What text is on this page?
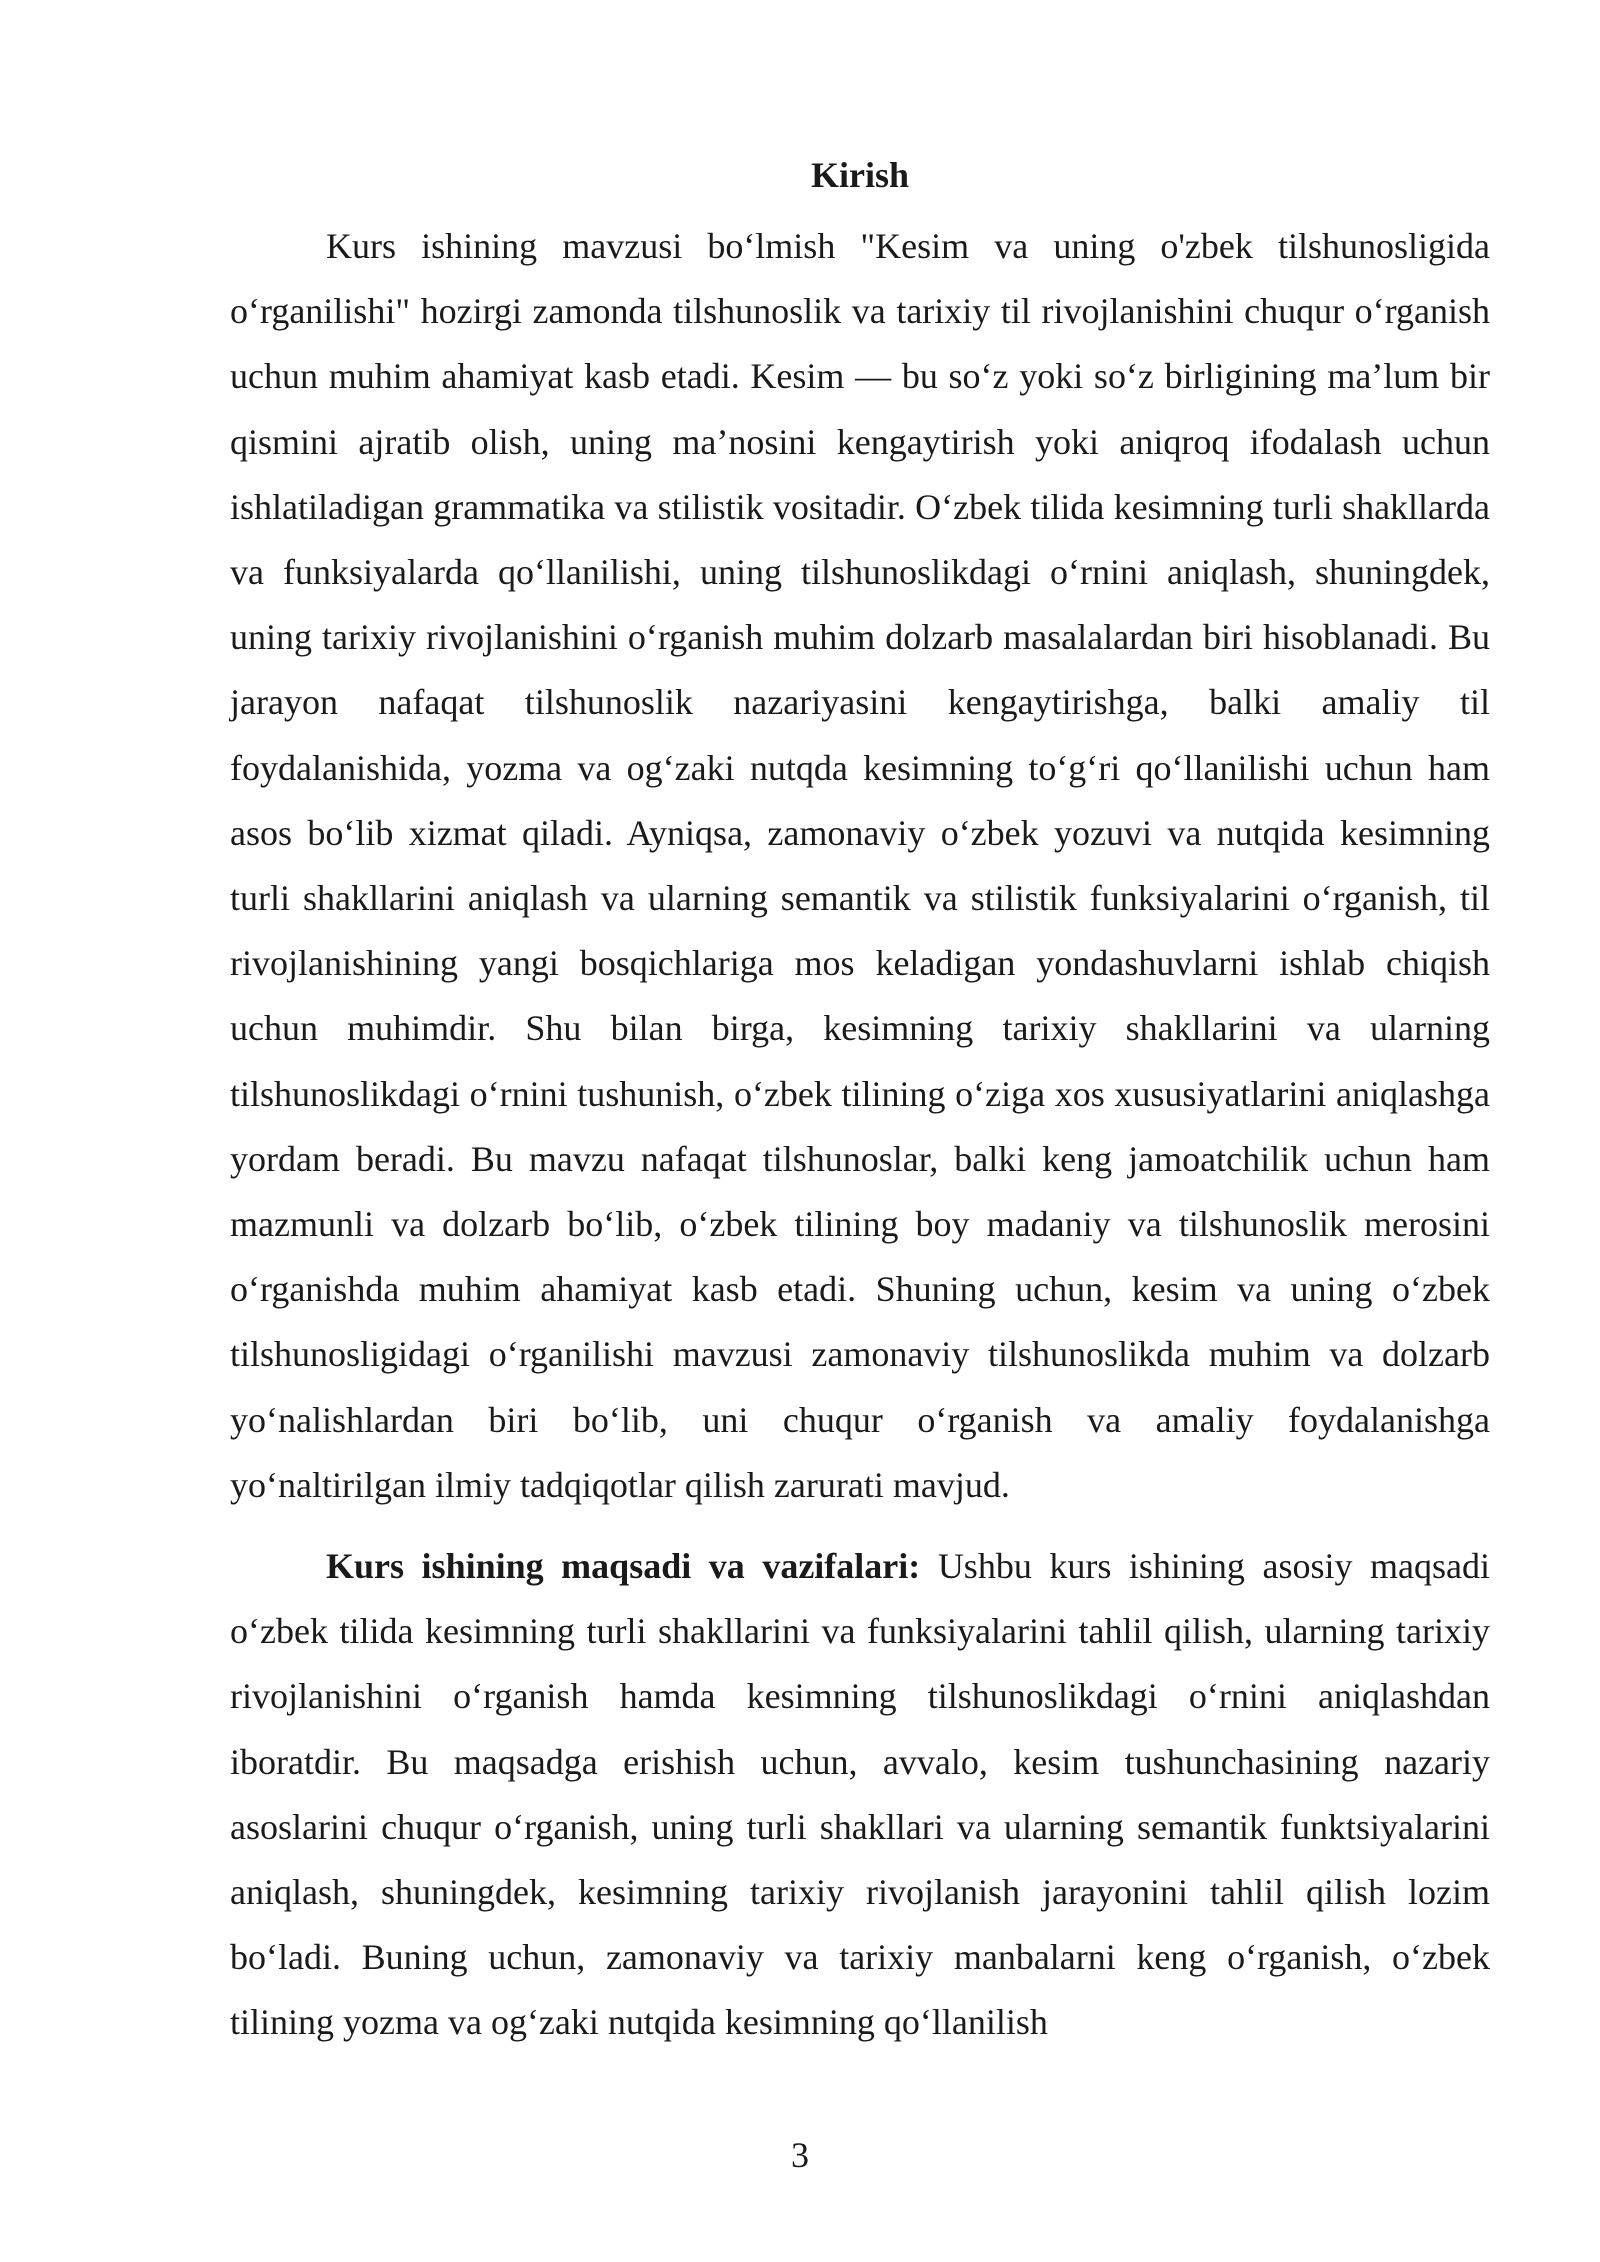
Kirish

Kurs ishining mavzusi bo‘lmish "Kesim va uning o'zbek tilshunosligida o‘rganilishi" hozirgi zamonda tilshunoslik va tarixiy til rivojlanishini chuqur o‘rganish uchun muhim ahamiyat kasb etadi. Kesim — bu so‘z yoki so‘z birligining ma’lum bir qismini ajratib olish, uning ma’nosini kengaytirish yoki aniqroq ifodalash uchun ishlatiladigan grammatika va stilistik vositadir. O‘zbek tilida kesimning turli shakllarda va funksiyalarda qo‘llanilishi, uning tilshunoslikdagi o‘rnini aniqlash, shuningdek, uning tarixiy rivojlanishini o‘rganish muhim dolzarb masalalardan biri hisoblanadi. Bu jarayon nafaqat tilshunoslik nazariyasini kengaytirishga, balki amaliy til foydalanishida, yozma va og‘zaki nutqda kesimning to‘g‘ri qo‘llanilishi uchun ham asos bo‘lib xizmat qiladi. Ayniqsa, zamonaviy o‘zbek yozuvi va nutqida kesimning turli shakllarini aniqlash va ularning semantik va stilistik funksiyalarini o‘rganish, til rivojlanishining yangi bosqichlariga mos keladigan yondashuvlarni ishlab chiqish uchun muhimdir. Shu bilan birga, kesimning tarixiy shakllarini va ularning tilshunoslikdagi o‘rnini tushunish, o‘zbek tilining o‘ziga xos xususiyatlarini aniqlashga yordam beradi. Bu mavzu nafaqat tilshunoslar, balki keng jamoatchilik uchun ham mazmunli va dolzarb bo‘lib, o‘zbek tilining boy madaniy va tilshunoslik merosini o‘rganishda muhim ahamiyat kasb etadi. Shuning uchun, kesim va uning o‘zbek tilshunosligidagi o‘rganilishi mavzusi zamonaviy tilshunoslikda muhim va dolzarb yo‘nalishlardan biri bo‘lib, uni chuqur o‘rganish va amaliy foydalanishga yo‘naltirilgan ilmiy tadqiqotlar qilish zarurati mavjud.

Kurs ishining maqsadi va vazifalari: Ushbu kurs ishining asosiy maqsadi o‘zbek tilida kesimning turli shakllarini va funksiyalarini tahlil qilish, ularning tarixiy rivojlanishini o‘rganish hamda kesimning tilshunoslikdagi o‘rnini aniqlashdan iboratdir. Bu maqsadga erishish uchun, avvalo, kesim tushunchasining nazariy asoslarini chuqur o‘rganish, uning turli shakllari va ularning semantik funktsiyalarini aniqlash, shuningdek, kesimning tarixiy rivojlanish jarayonini tahlil qilish lozim bo‘ladi. Buning uchun, zamonaviy va tarixiy manbalarni keng o‘rganish, o‘zbek tilining yozma va og‘zaki nutqida kesimning qo‘llanilish

3
